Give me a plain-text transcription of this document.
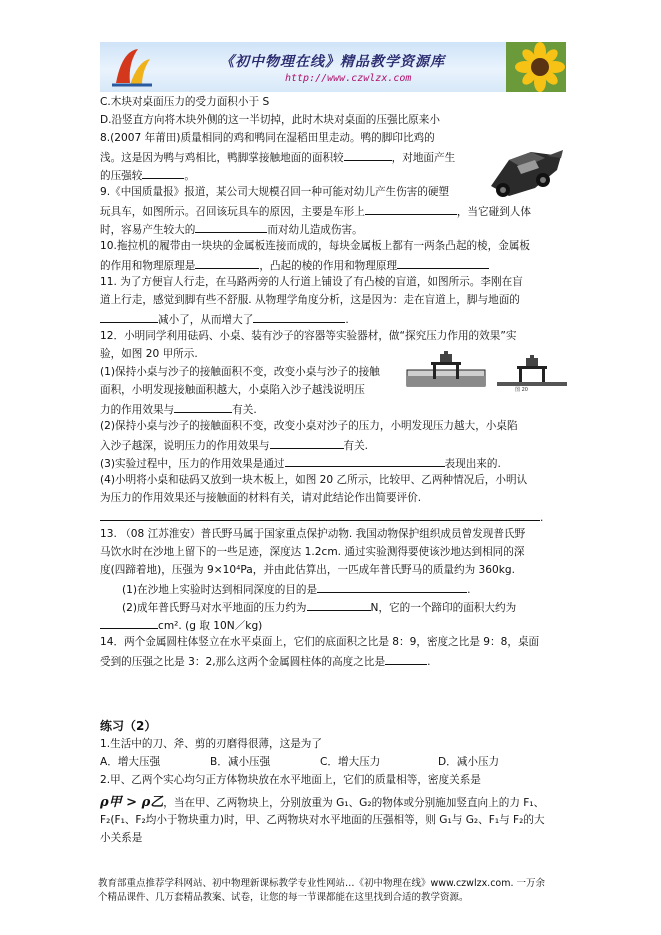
《初中物理在线》精品教学资源库
http://www.czwlzx.com
图 20

C.木块对桌面压力的受力面积小于 S

D.沿竖直方向将木块外侧的这一半切掉，此时木块对桌面的压强比原来小

8.(2007 年莆田)质量相同的鸡和鸭同在湿稻田里走动。鸭的脚印比鸡的

浅。这是因为鸭与鸡相比，鸭脚掌接触地面的面积较	，对地面产生

的压强较	。

9.《中国质量报》报道，某公司大规模召回一种可能对幼儿产生伤害的硬塑

玩具车，如图所示。召回该玩具车的原因，主要是车形上	，当它碰到人体

时，容易产生较大的	而对幼儿造成伤害。

10.拖拉机的履带由一块块的金属板连接而成的，每块金属板上都有一两条凸起的棱，金属板

的作用和物理原理是	，凸起的棱的作用和物理原理

11. 为了方便盲人行走，在马路两旁的人行道上铺设了有凸棱的盲道，如图所示。李刚在盲

道上行走，感觉到脚有些不舒服. 从物理学角度分析，这是因为：走在盲道上，脚与地面的

减小了，从而增大了	.

12．小明同学利用砝码、小桌、装有沙子的容器等实验器材，做“探究压力作用的效果”实

验，如图 20 甲所示.

(1)保持小桌与沙子的接触面积不变，改变小桌与沙子的接触

面积，小明发现接触面积越大，小桌陷入沙子越浅说明压

力的作用效果与	有关.

(2)保持小桌与沙子的接触面积不变，改变小桌对沙子的压力，小明发现压力越大，小桌陷

入沙子越深，说明压力的作用效果与	有关.

(3)实验过程中，压力的作用效果是通过	表现出来的.

(4)小明将小桌和砝码又放到一块木板上，如图 20 乙所示，比较甲、乙两种情况后，小明认

为压力的作用效果还与接触面的材料有关，请对此结论作出简要评价.

.

13. （08 江苏淮安）普氏野马属于国家重点保护动物. 我国动物保护组织成员曾发现普氏野

马饮水时在沙地上留下的一些足迹，深度达 1.2cm. 通过实验测得要使该沙地达到相同的深

度(四蹄着地)，压强为 9×10⁴Pa，并由此估算出，一匹成年普氏野马的质量约为 360kg.

(1)在沙地上实验时达到相同深度的目的是	.

(2)成年普氏野马对水平地面的压力约为	N，它的一个蹄印的面积大约为

cm². (g 取 10N／kg)

14．两个金属圆柱体竖立在水平桌面上，它们的底面积之比是 8：9，密度之比是 9：8，桌面

受到的压强之比是 3：2,那么这两个金属圆柱体的高度之比是	.

练习（2）

1.生活中的刀、斧、剪的刃磨得很薄，这是为了

A．增大压强	B．减小压强	C．增大压力	D．减小压力

2.甲、乙两个实心均匀正方体物块放在水平地面上，它们的质量相等，密度关系是

ρ甲 > ρ乙，当在甲、乙两物块上，分别放重为 G₁、G₂的物体或分别施加竖直向上的力 F₁、

F₂(F₁、F₂均小于物块重力)时，甲、乙两物块对水平地面的压强相等，则 G₁与 G₂、F₁与 F₂的大

小关系是

教育部重点推荐学科网站、初中物理新课标教学专业性网站…《初中物理在线》www.czwlzx.com. 一万余
个精品课件、几万套精品教案、试卷，让您的每一节课都能在这里找到合适的教学资源。
